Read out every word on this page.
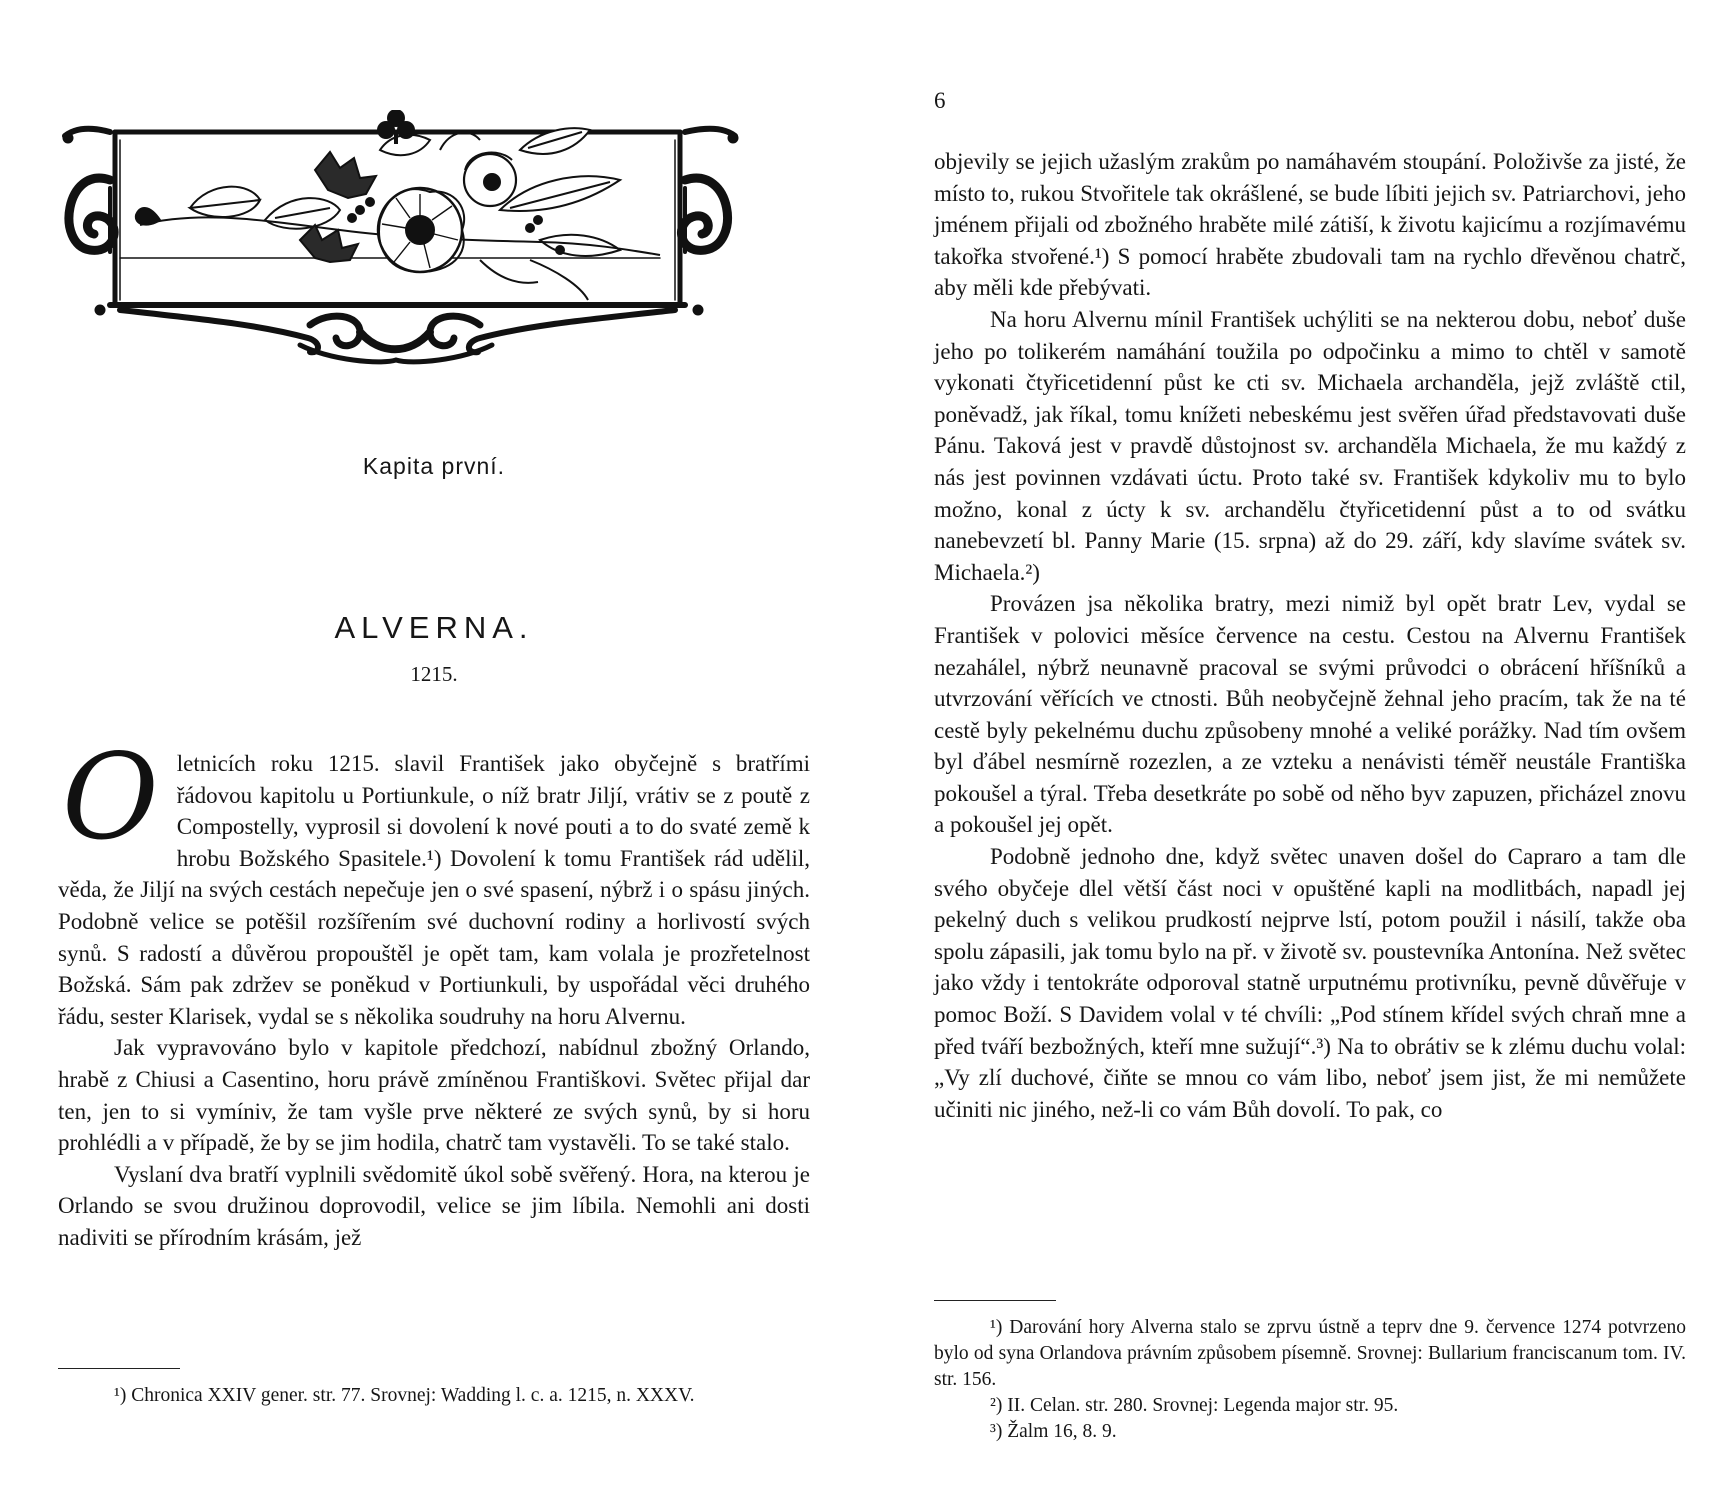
Kapita první.
ALVERNA.
1215.

Oletnicích roku 1215. slavil František jako obyčejně s bratřími řádovou kapitolu u Portiunkule, o níž bratr Jiljí, vrátiv se z poutě z Compostelly, vyprosil si dovolení k nové pouti a to do svaté země k hrobu Božského Spasitele.¹) Dovolení k tomu František rád udělil, věda, že Jiljí na svých cestách nepečuje jen o své spasení, nýbrž i o spásu jiných. Podobně velice se potěšil rozšířením své duchovní rodiny a horlivostí svých synů. S radostí a důvěrou propouštěl je opět tam, kam volala je prozřetelnost Božská. Sám pak zdržev se poněkud v Portiunkuli, by uspořádal věci druhého řádu, sester Klarisek, vydal se s několika soudruhy na horu Alvernu.

Jak vypravováno bylo v kapitole předchozí, nabídnul zbožný Orlando, hrabě z Chiusi a Casentino, horu právě zmíněnou Františkovi. Světec přijal dar ten, jen to si vymíniv, že tam vyšle prve některé ze svých synů, by si horu prohlédli a v případě, že by se jim hodila, chatrč tam vystavěli. To se také stalo.

Vyslaní dva bratří vyplnili svědomitě úkol sobě svěřený. Hora, na kterou je Orlando se svou družinou doprovodil, velice se jim líbila. Nemohli ani dosti nadiviti se přírodním krásám, jež

¹) Chronica XXIV gener. str. 77. Srovnej: Wadding l. c. a. 1215, n. XXXV.

6

objevily se jejich užaslým zrakům po namáhavém stoupání. Položivše za jisté, že místo to, rukou Stvořitele tak okrášlené, se bude líbiti jejich sv. Patriarchovi, jeho jménem přijali od zbožného hraběte milé zátiší, k životu kajicímu a rozjímavému takořka stvořené.¹) S pomocí hraběte zbudovali tam na rychlo dřevěnou chatrč, aby měli kde přebývati.

Na horu Alvernu mínil František uchýliti se na nekterou dobu, neboť duše jeho po tolikerém namáhání toužila po odpočinku a mimo to chtěl v samotě vykonati čtyřicetidenní půst ke cti sv. Michaela archanděla, jejž zvláště ctil, poněvadž, jak říkal, tomu knížeti nebeskému jest svěřen úřad představovati duše Pánu. Taková jest v pravdě důstojnost sv. archanděla Michaela, že mu každý z nás jest povinnen vzdávati úctu. Proto také sv. František kdykoliv mu to bylo možno, konal z úcty k sv. archandělu čtyřicetidenní půst a to od svátku nanebevzetí bl. Panny Marie (15. srpna) až do 29. září, kdy slavíme svátek sv. Michaela.²)

Provázen jsa několika bratry, mezi nimiž byl opět bratr Lev, vydal se František v polovici měsíce července na cestu. Cestou na Alvernu František nezahálel, nýbrž neunavně pracoval se svými průvodci o obrácení hříšníků a utvrzování věřících ve ctnosti. Bůh neobyčejně žehnal jeho pracím, tak že na té cestě byly pekelnému duchu způsobeny mnohé a veliké porážky. Nad tím ovšem byl ďábel nesmírně rozezlen, a ze vzteku a nenávisti téměř neustále Františka pokoušel a týral. Třeba desetkráte po sobě od něho byv zapuzen, přicházel znovu a pokoušel jej opět.

Podobně jednoho dne, když světec unaven došel do Capraro a tam dle svého obyčeje dlel větší část noci v opuštěné kapli na modlitbách, napadl jej pekelný duch s velikou prudkostí nejprve lstí, potom použil i násilí, takže oba spolu zápasili, jak tomu bylo na př. v životě sv. poustevníka Antonína. Než světec jako vždy i tentokráte odporoval statně urputnému protivníku, pevně důvěřuje v pomoc Boží. S Davidem volal v té chvíli: „Pod stínem křídel svých chraň mne a před tváří bezbožných, kteří mne sužují“.³) Na to obrátiv se k zlému duchu volal: „Vy zlí duchové, čiňte se mnou co vám libo, neboť jsem jist, že mi nemůžete učiniti nic jiného, než-li co vám Bůh dovolí. To pak, co

¹) Darování hory Alverna stalo se zprvu ústně a teprv dne 9. července 1274 potvrzeno bylo od syna Orlandova právním způsobem písemně. Srovnej: Bullarium franciscanum tom. IV. str. 156.

²) II. Celan. str. 280. Srovnej: Legenda major str. 95.

³) Žalm 16, 8. 9.
